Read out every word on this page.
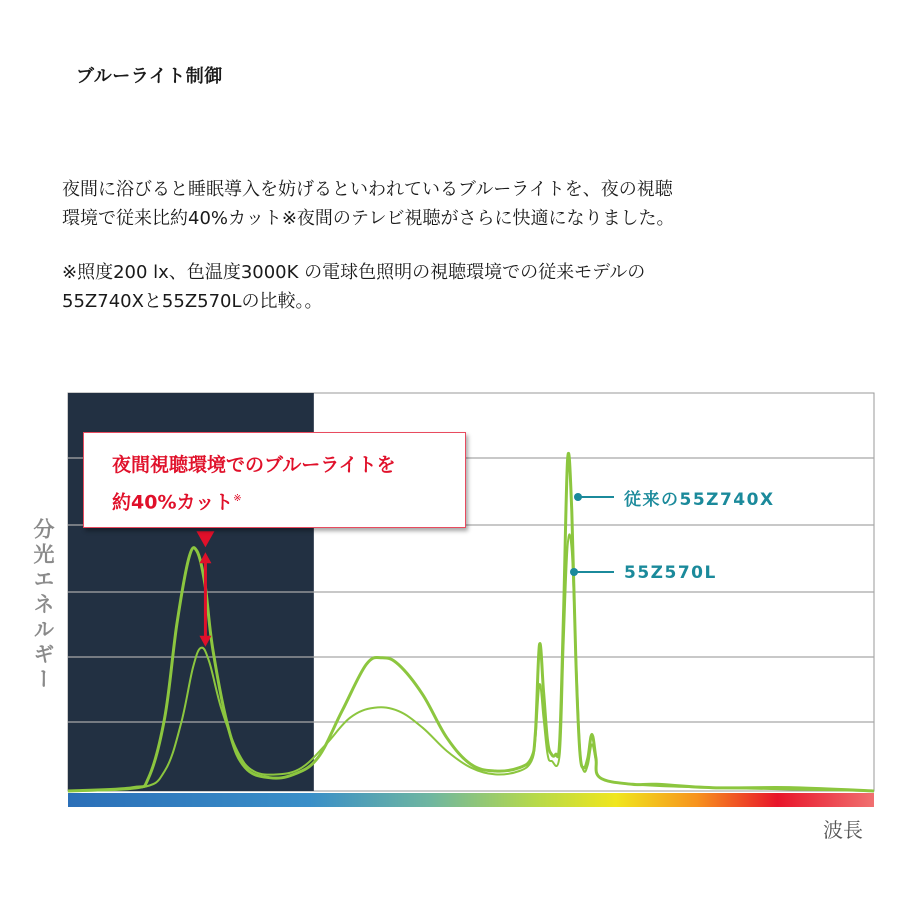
ブルーライト制御
夜間に浴びると睡眠導入を妨げるといわれているブルーライトを、夜の視聴
環境で従来比約40%カット※夜間のテレビ視聴がさらに快適になりました。
※照度200 lx、色温度3000K の電球色照明の視聴環境での従来モデルの
55Z740Xと55Z570Lの比較。。
夜間視聴環境でのブルーライトを
約40%カット※
分光エネルギー
波長
従来の55Z740X
55Z570L
